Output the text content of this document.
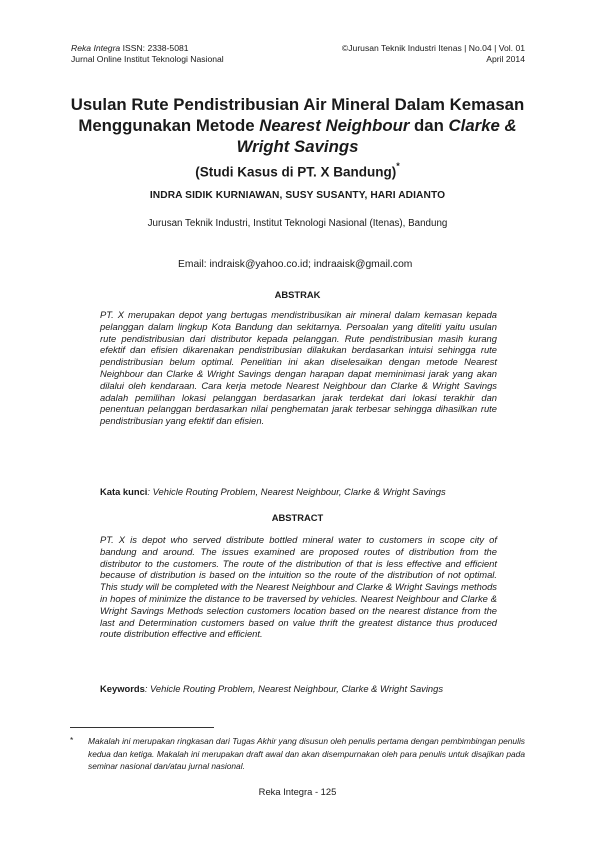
Reka Integra ISSN: 2338-5081
Jurnal Online Institut Teknologi Nasional
©Jurusan Teknik Industri Itenas | No.04 | Vol. 01
April 2014
Usulan Rute Pendistribusian Air Mineral Dalam Kemasan Menggunakan Metode Nearest Neighbour dan Clarke & Wright Savings
(Studi Kasus di PT. X Bandung)*
INDRA SIDIK KURNIAWAN, SUSY SUSANTY, HARI ADIANTO
Jurusan Teknik Industri, Institut Teknologi Nasional (Itenas), Bandung
Email: indraisk@yahoo.co.id; indraaisk@gmail.com
ABSTRAK
PT. X merupakan depot yang bertugas mendistribusikan air mineral dalam kemasan kepada pelanggan dalam lingkup Kota Bandung dan sekitarnya. Persoalan yang diteliti yaitu usulan rute pendistribusian dari distributor kepada pelanggan. Rute pendistribusian masih kurang efektif dan efisien dikarenakan pendistribusian dilakukan berdasarkan intuisi sehingga rute pendistribusian belum optimal. Penelitian ini akan diselesaikan dengan metode Nearest Neighbour dan Clarke & Wright Savings dengan harapan dapat meminimasi jarak yang akan dilalui oleh kendaraan. Cara kerja metode Nearest Neighbour dan Clarke & Wright Savings adalah pemilihan lokasi pelanggan berdasarkan jarak terdekat dari lokasi terakhir dan penentuan pelanggan berdasarkan nilai penghematan jarak terbesar sehingga dihasilkan rute pendistribusian yang efektif dan efisien.
Kata kunci: Vehicle Routing Problem, Nearest Neighbour, Clarke & Wright Savings
ABSTRACT
PT. X is depot who served distribute bottled mineral water to customers in scope city of bandung and around. The issues examined are proposed routes of distribution from the distributor to the customers. The route of the distribution of that is less effective and efficient because of distribution is based on the intuition so the route of the distribution of not optimal. This study will be completed with the Nearest Neighbour and Clarke & Wright Savings methods in hopes of minimize the distance to be traversed by vehicles. Nearest Neighbour and Clarke & Wright Savings Methods selection customers location based on the nearest distance from the last and Determination customers based on value thrift the greatest distance thus produced route distribution effective and efficient.
Keywords: Vehicle Routing Problem, Nearest Neighbour, Clarke & Wright Savings
* Makalah ini merupakan ringkasan dari Tugas Akhir yang disusun oleh penulis pertama dengan pembimbingan penulis kedua dan ketiga. Makalah ini merupakan draft awal dan akan disempurnakan oleh para penulis untuk disajikan pada seminar nasional dan/atau jurnal nasional.
Reka Integra - 125
